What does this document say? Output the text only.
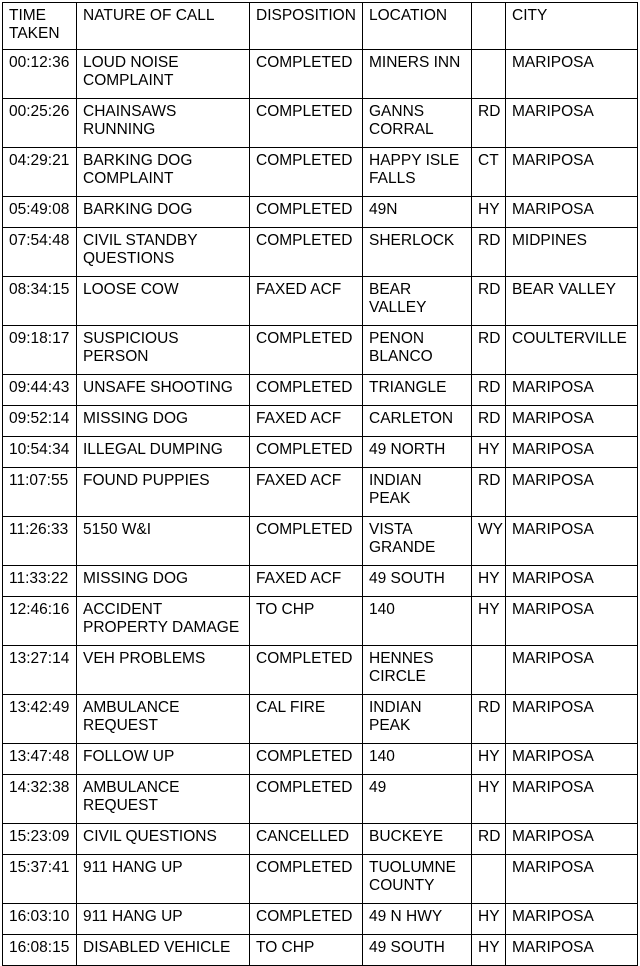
TIME TAKEN	NATURE OF CALL	DISPOSITION	LOCATION		CITY
00:12:36	LOUD NOISE COMPLAINT	COMPLETED	MINERS INN		MARIPOSA
00:25:26	CHAINSAWS RUNNING	COMPLETED	GANNS CORRAL	RD	MARIPOSA
04:29:21	BARKING DOG COMPLAINT	COMPLETED	HAPPY ISLE FALLS	CT	MARIPOSA
05:49:08	BARKING DOG	COMPLETED	49N	HY	MARIPOSA
07:54:48	CIVIL STANDBY QUESTIONS	COMPLETED	SHERLOCK	RD	MIDPINES
08:34:15	LOOSE COW	FAXED ACF	BEAR VALLEY	RD	BEAR VALLEY
09:18:17	SUSPICIOUS PERSON	COMPLETED	PENON BLANCO	RD	COULTERVILLE
09:44:43	UNSAFE SHOOTING	COMPLETED	TRIANGLE	RD	MARIPOSA
09:52:14	MISSING DOG	FAXED ACF	CARLETON	RD	MARIPOSA
10:54:34	ILLEGAL DUMPING	COMPLETED	49 NORTH	HY	MARIPOSA
11:07:55	FOUND PUPPIES	FAXED ACF	INDIAN PEAK	RD	MARIPOSA
11:26:33	5150 W&I	COMPLETED	VISTA GRANDE	WY	MARIPOSA
11:33:22	MISSING DOG	FAXED ACF	49 SOUTH	HY	MARIPOSA
12:46:16	ACCIDENT PROPERTY DAMAGE	TO CHP	140	HY	MARIPOSA
13:27:14	VEH PROBLEMS	COMPLETED	HENNES CIRCLE		MARIPOSA
13:42:49	AMBULANCE REQUEST	CAL FIRE	INDIAN PEAK	RD	MARIPOSA
13:47:48	FOLLOW UP	COMPLETED	140	HY	MARIPOSA
14:32:38	AMBULANCE REQUEST	COMPLETED	49	HY	MARIPOSA
15:23:09	CIVIL QUESTIONS	CANCELLED	BUCKEYE	RD	MARIPOSA
15:37:41	911 HANG UP	COMPLETED	TUOLUMNE COUNTY		MARIPOSA
16:03:10	911 HANG UP	COMPLETED	49 N HWY	HY	MARIPOSA
16:08:15	DISABLED VEHICLE	TO CHP	49 SOUTH	HY	MARIPOSA
